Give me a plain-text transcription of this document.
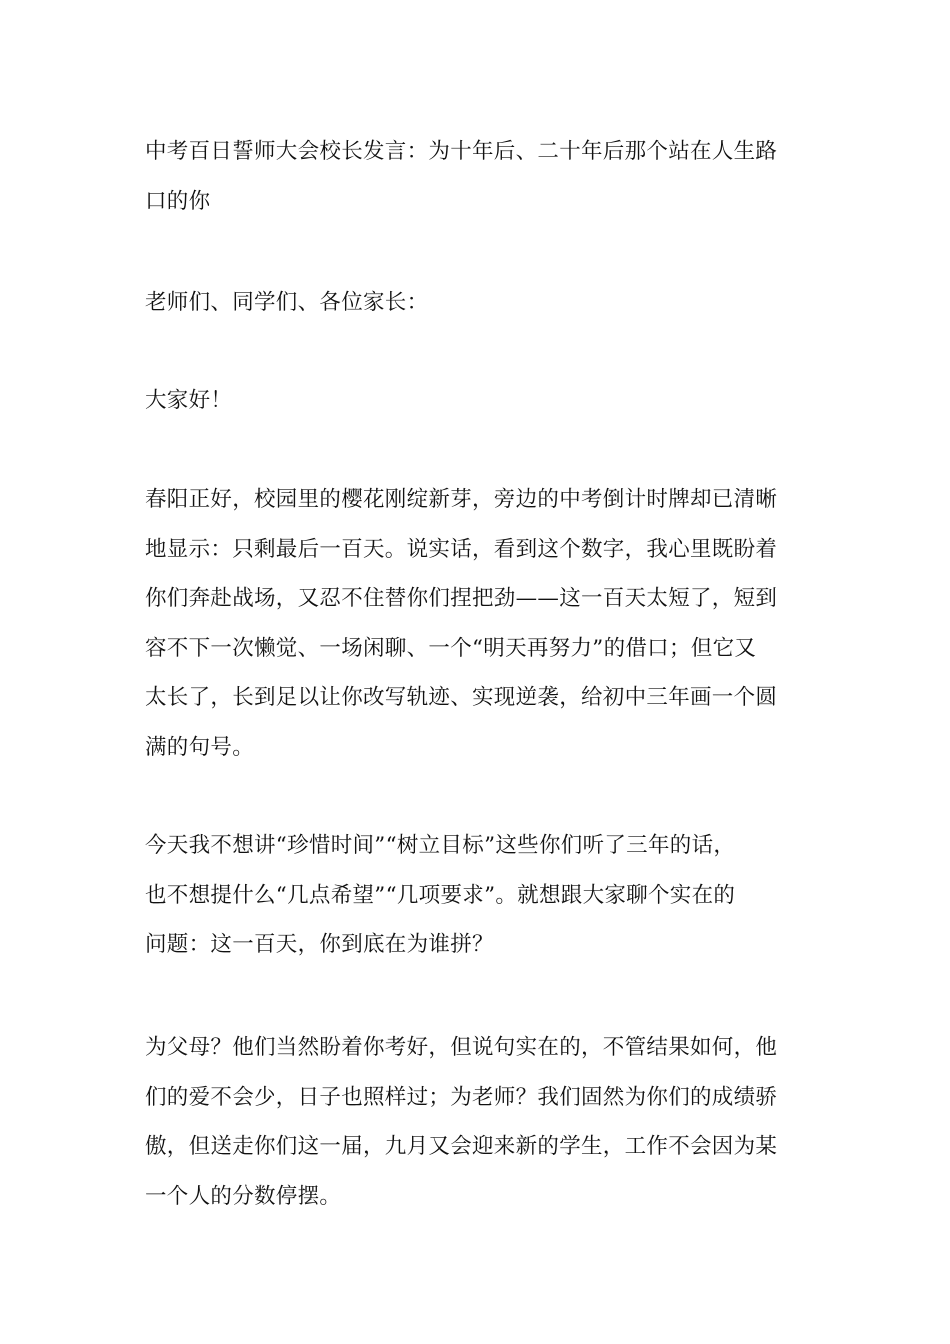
中考百日誓师大会校长发言：为十年后、二十年后那个站在人生路
口的你

老师们、同学们、各位家长：

大家好！

春阳正好，校园里的樱花刚绽新芽，旁边的中考倒计时牌却已清晰
地显示：只剩最后一百天。说实话，看到这个数字，我心里既盼着
你们奔赴战场，又忍不住替你们捏把劲——这一百天太短了，短到
容不下一次懒觉、一场闲聊、一个“明天再努力”的借口；但它又
太长了，长到足以让你改写轨迹、实现逆袭，给初中三年画一个圆
满的句号。

今天我不想讲“珍惜时间”“树立目标”这些你们听了三年的话，
也不想提什么“几点希望”“几项要求”。就想跟大家聊个实在的
问题：这一百天，你到底在为谁拼？

为父母？他们当然盼着你考好，但说句实在的，不管结果如何，他
们的爱不会少，日子也照样过；为老师？我们固然为你们的成绩骄
傲，但送走你们这一届，九月又会迎来新的学生，工作不会因为某
一个人的分数停摆。
